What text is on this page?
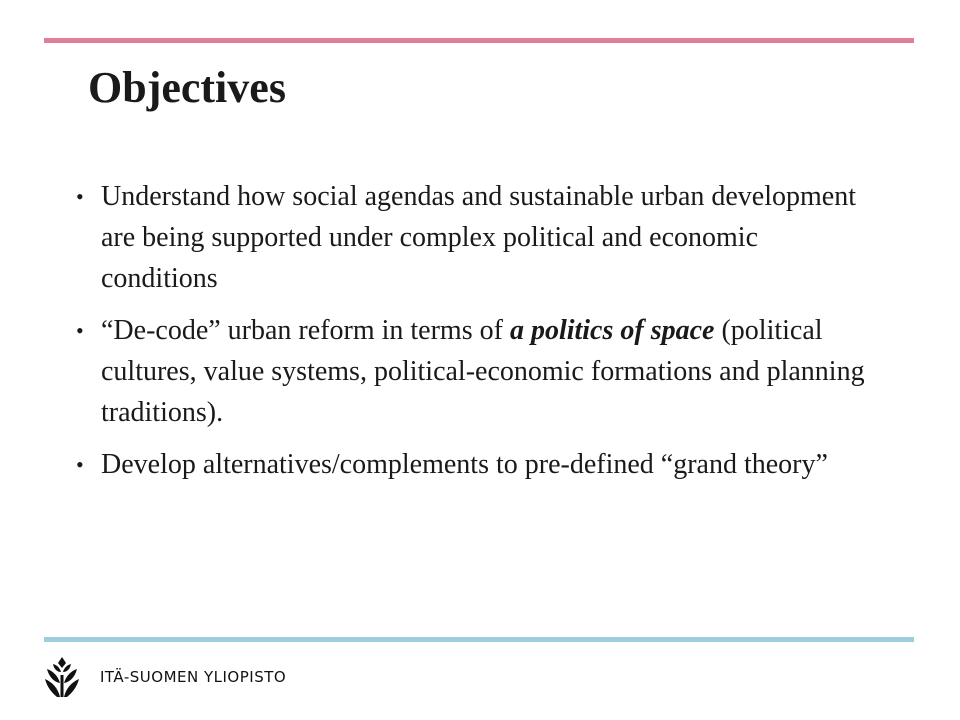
Objectives
• Understand how social agendas and sustainable urban development are being supported under complex political and economic conditions
• “De-code” urban reform in terms of a politics of space (political cultures, value systems, political-economic formations and planning traditions).
• Develop alternatives/complements to pre-defined “grand theory”
ITÄ-SUOMEN YLIOPISTO
